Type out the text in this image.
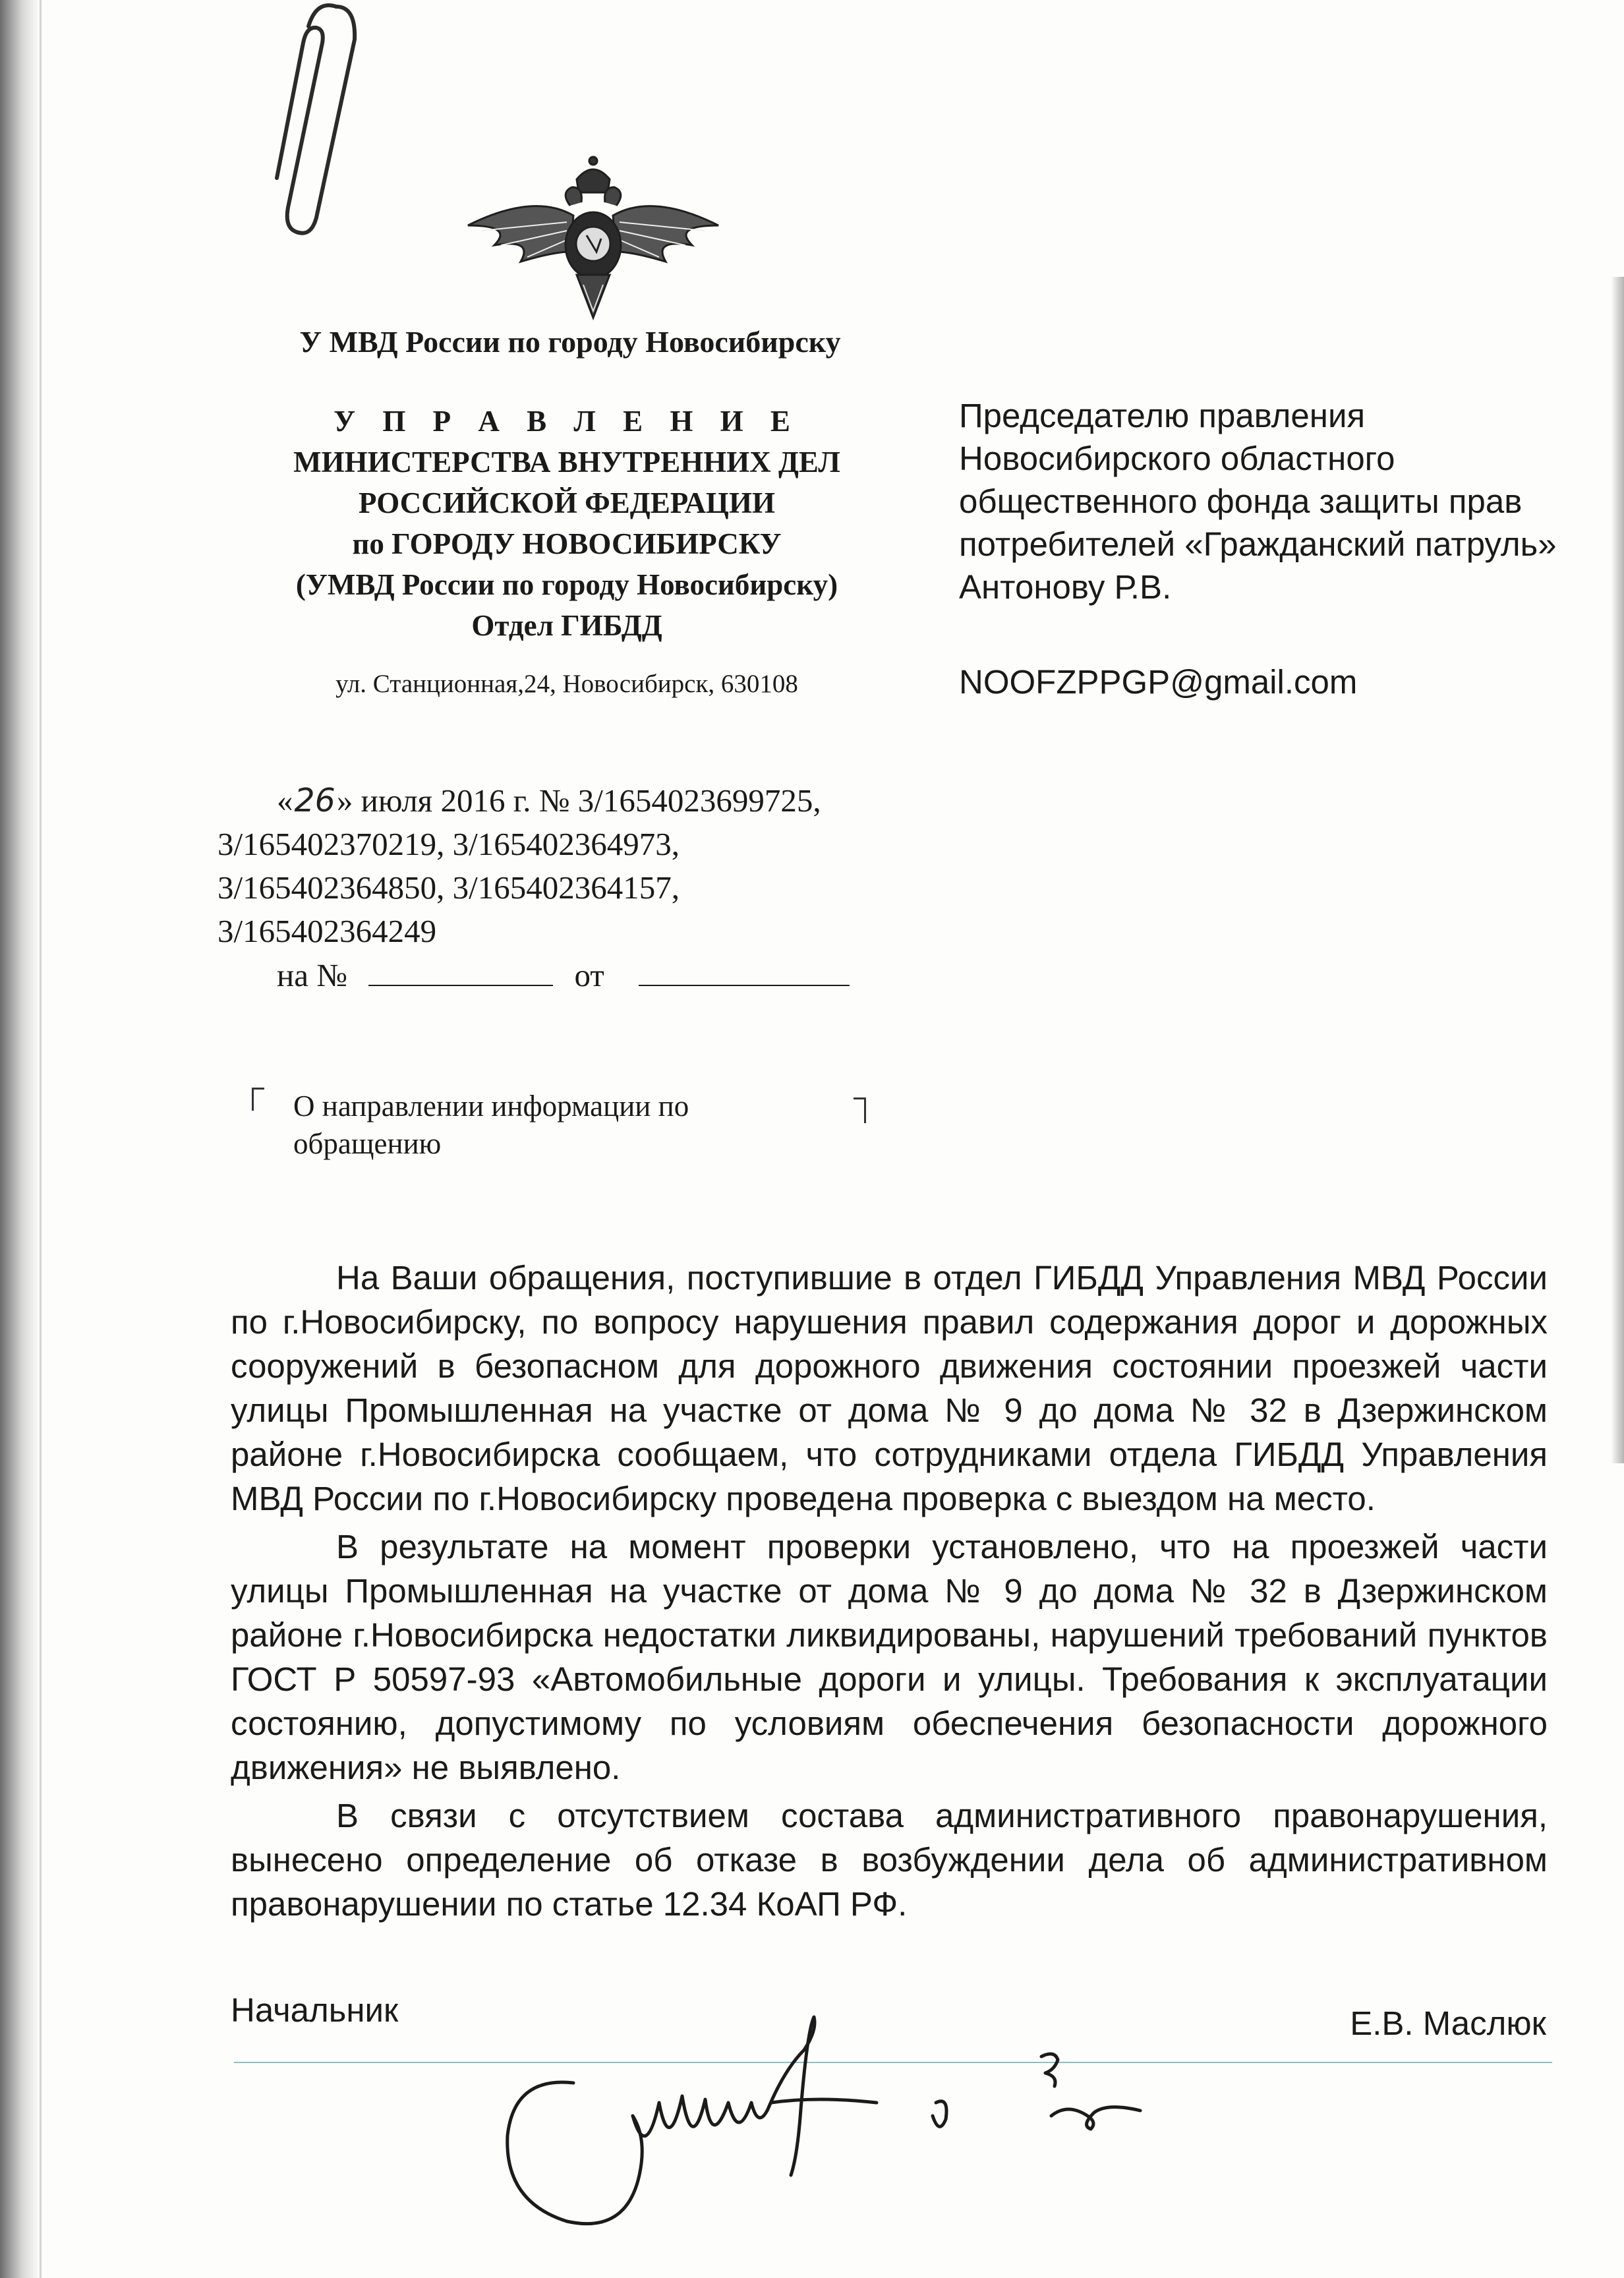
У МВД России по городу Новосибирску
У П Р А В Л Е Н И Е
МИНИСТЕРСТВА ВНУТРЕННИХ ДЕЛ
РОССИЙСКОЙ ФЕДЕРАЦИИ
по ГОРОДУ НОВОСИБИРСКУ
(УМВД России по городу Новосибирску)
Отдел ГИБДД
ул. Станционная,24, Новосибирск, 630108
Председателю правления
Новосибирского областного
общественного фонда защиты прав
потребителей «Гражданский патруль»
Антонову Р.В.
NOOFZPPGP@gmail.com
«26» июля 2016 г. № 3/1654023699725,
3/165402370219, 3/165402364973,
3/165402364850, 3/165402364157,
3/165402364249
на №	от
О направлении информации по
обращению

На Ваши обращения, поступившие в отдел ГИБДД Управления МВД России по г.Новосибирску, по вопросу нарушения правил содержания дорог и дорожных сооружений в безопасном для дорожного движения состоянии проезжей части улицы Промышленная на участке от дома № 9 до дома № 32 в Дзержинском районе г.Новосибирска сообщаем, что сотрудниками отдела ГИБДД Управления МВД России по г.Новосибирску проведена проверка с выездом на место.

В результате на момент проверки установлено, что на проезжей части улицы Промышленная на участке от дома № 9 до дома № 32 в Дзержинском районе г.Новосибирска недостатки ликвидированы, нарушений требований пунктов ГОСТ Р 50597-93 «Автомобильные дороги и улицы. Требования к эксплуатации состоянию, допустимому по условиям обеспечения безопасности дорожного движения» не выявлено.

В связи с отсутствием состава административного правонарушения, вынесено определение об отказе в возбуждении дела об административном правонарушении по статье 12.34 КоАП РФ.

Начальник	Е.В. Маслюк
